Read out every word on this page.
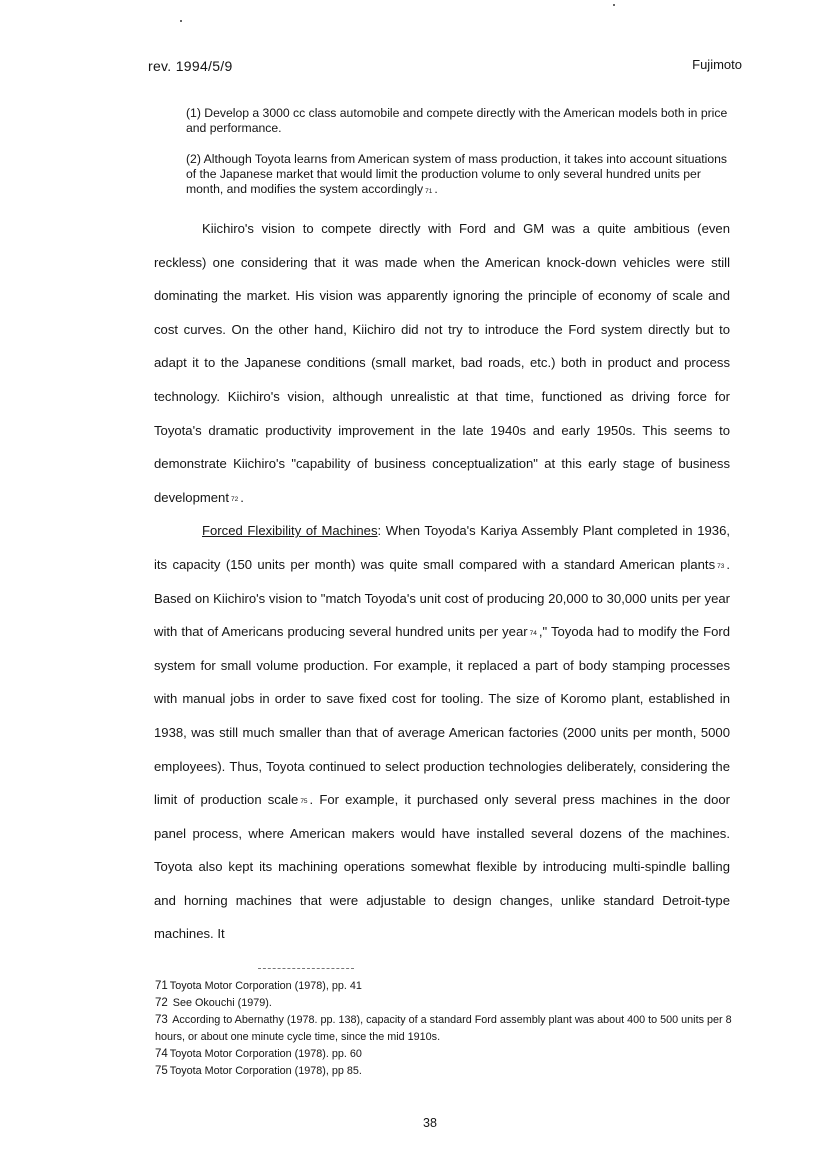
rev. 1994/5/9	Fujimoto
(1) Develop a 3000 cc class automobile and compete directly with the American models both in price and performance.
(2) Although Toyota learns from American system of mass production, it takes into account situations of the Japanese market that would limit the production volume to only several hundred units per month, and modifies the system accordingly $^{71}$ .

Kiichiro's vision to compete directly with Ford and GM was a quite ambitious (even reckless) one considering that it was made when the American knock-down vehicles were still dominating the market. His vision was apparently ignoring the principle of economy of scale and cost curves. On the other hand, Kiichiro did not try to introduce the Ford system directly but to adapt it to the Japanese conditions (small market, bad roads, etc.) both in product and process technology. Kiichiro's vision, although unrealistic at that time, functioned as driving force for Toyota's dramatic productivity improvement in the late 1940s and early 1950s. This seems to demonstrate Kiichiro's "capability of business conceptualization" at this early stage of business development $^{72}$ .

Forced Flexibility of Machines: When Toyoda's Kariya Assembly Plant completed in 1936, its capacity (150 units per month) was quite small compared with a standard American plants $^{73}$ . Based on Kiichiro's vision to "match Toyoda's unit cost of producing 20,000 to 30,000 units per year with that of Americans producing several hundred units per year $^{74}$ ," Toyoda had to modify the Ford system for small volume production. For example, it replaced a part of body stamping processes with manual jobs in order to save fixed cost for tooling. The size of Koromo plant, established in 1938, was still much smaller than that of average American factories (2000 units per month, 5000 employees). Thus, Toyota continued to select production technologies deliberately, considering the limit of production scale $^{75}$ . For example, it purchased only several press machines in the door panel process, where American makers would have installed several dozens of the machines. Toyota also kept its machining operations somewhat flexible by introducing multi-spindle balling and horning machines that were adjustable to design changes, unlike standard Detroit-type machines. It

71 Toyota Motor Corporation (1978), pp. 41
72 See Okouchi (1979).
73 According to Abernathy (1978. pp. 138), capacity of a standard Ford assembly plant was about 400 to 500 units per 8 hours, or about one minute cycle time, since the mid 1910s.
74 Toyota Motor Corporation (1978). pp. 60
75 Toyota Motor Corporation (1978), pp 85.
38
